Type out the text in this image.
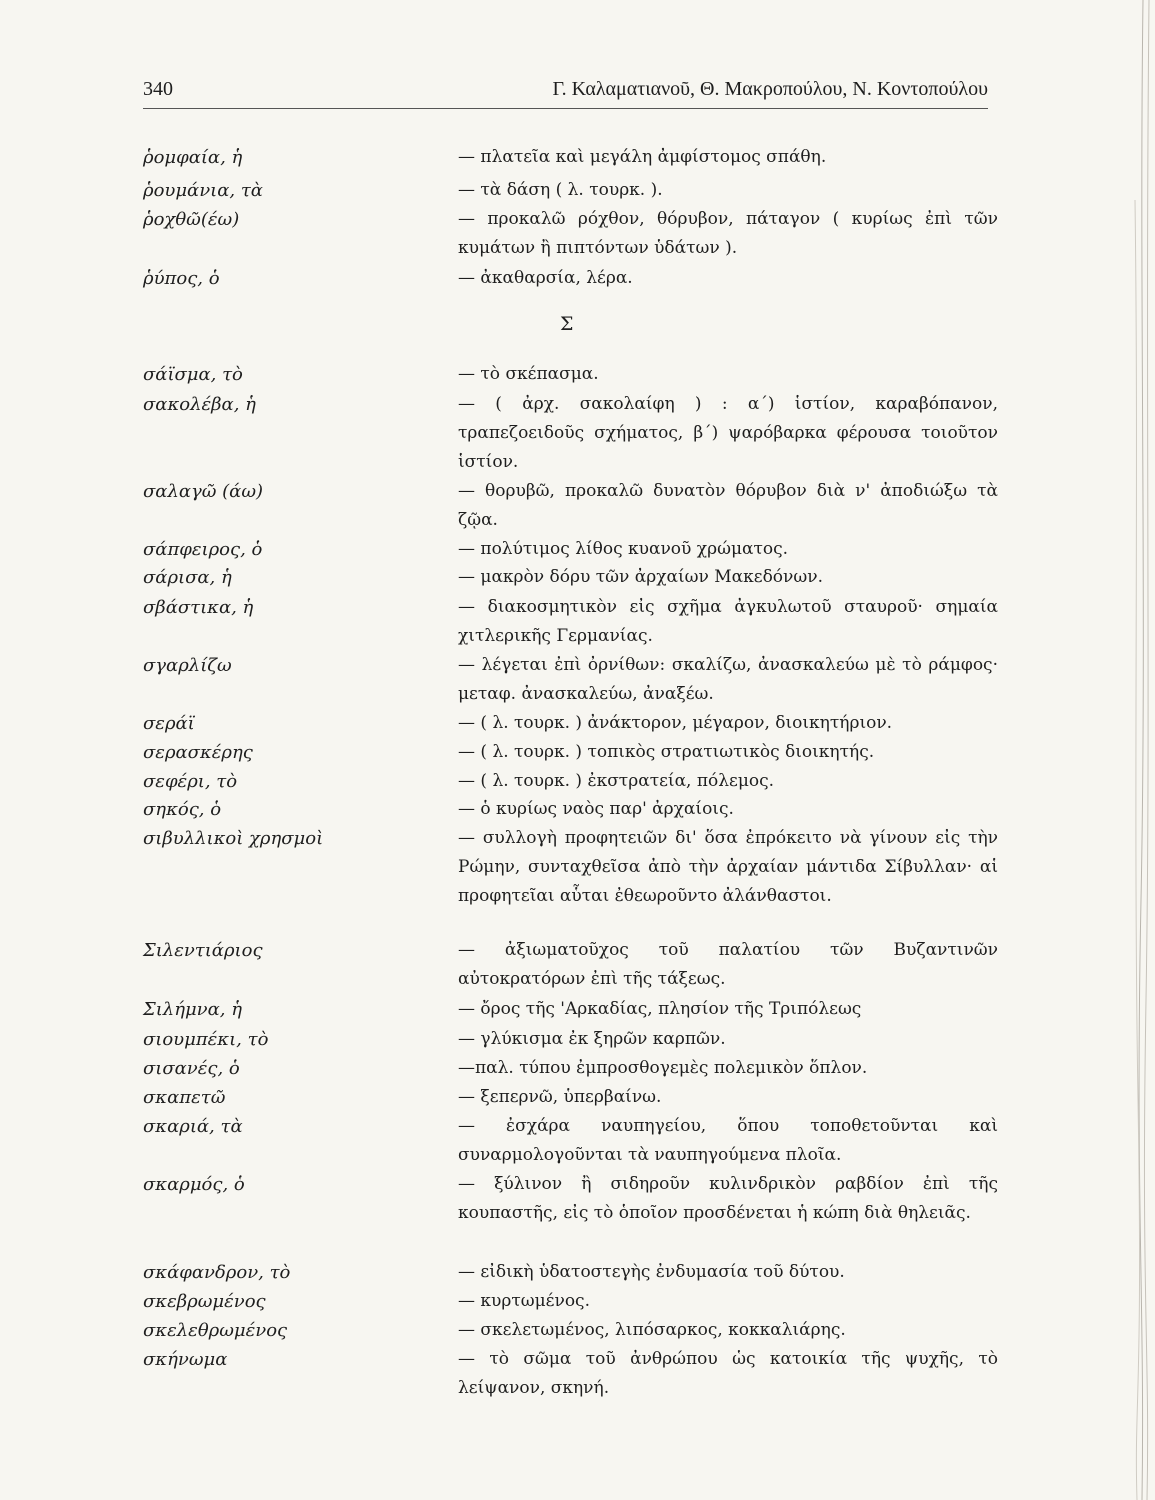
340	Γ. Καλαματιανοῦ, Θ. Μακροπούλου, Ν. Κοντοπούλου
ῥομφαία, ἡ	— πλατεῖα καὶ μεγάλη ἀμφίστομος σπάθη.
ῥουμάνια, τὰ	— τὰ δάση ( λ. τουρκ. ).
ῥοχθῶ(έω)	— προκαλῶ ρόχθον, θόρυβον, πάταγον ( κυρίως ἐπὶ τῶν κυμάτων ἢ πιπτόντων ὑδάτων ).
ῥύπος, ὁ	— ἀκαθαρσία, λέρα.
Σ
σάϊσμα, τὸ	— τὸ σκέπασμα.
σακολέβα, ἡ	— ( ἀρχ. σακολαίφη ) : α΄) ἱστίον, καραβόπανον, τραπεζοειδοῦς σχήματος, β΄) ψαρόβαρκα φέρουσα τοιοῦτον ἱστίον.
σαλαγῶ (άω)	— θορυβῶ, προκαλῶ δυνατὸν θόρυβον διὰ ν' ἀποδιώξω τὰ ζῷα.
σάπφειρος, ὁ	— πολύτιμος λίθος κυανοῦ χρώματος.
σάρισα, ἡ	— μακρὸν δόρυ τῶν ἀρχαίων Μακεδόνων.
σβάστικα, ἡ	— διακοσμητικὸν εἰς σχῆμα ἀγκυλωτοῦ σταυροῦ· σημαία χιτλερικῆς Γερμανίας.
σγαρλίζω	— λέγεται ἐπὶ ὀρνίθων: σκαλίζω, ἀνασκαλεύω μὲ τὸ ράμφος· μεταφ. ἀνασκαλεύω, ἀναξέω.
σεράϊ	— ( λ. τουρκ. ) ἀνάκτορον, μέγαρον, διοικητήριον.
σερασκέρης	— ( λ. τουρκ. ) τοπικὸς στρατιωτικὸς διοικητής.
σεφέρι, τὸ	— ( λ. τουρκ. ) ἐκστρατεία, πόλεμος.
σηκός, ὁ	— ὁ κυρίως ναὸς παρ' ἀρχαίοις.
σιβυλλικοὶ χρησμοὶ	— συλλογὴ προφητειῶν δι' ὅσα ἐπρόκειτο νὰ γίνουν εἰς τὴν Ρώμην, συνταχθεῖσα ἀπὸ τὴν ἀρχαίαν μάντιδα Σίβυλλαν· αἱ προφητεῖαι αὗται ἐθεωροῦντο ἀλάνθαστοι.
Σιλεντιάριος	— ἀξιωματοῦχος τοῦ παλατίου τῶν Βυζαντινῶν αὐτοκρατόρων ἐπὶ τῆς τάξεως.
Σιλήμνα, ἡ	— ὄρος τῆς 'Αρκαδίας, πλησίον τῆς Τριπόλεως
σιουμπέκι, τὸ	— γλύκισμα ἐκ ξηρῶν καρπῶν.
σισανές, ὁ	—παλ. τύπου ἐμπροσθογεμὲς πολεμικὸν ὅπλον.
σκαπετῶ	— ξεπερνῶ, ὑπερβαίνω.
σκαριά, τὰ	— ἐσχάρα ναυπηγείου, ὅπου τοποθετοῦνται καὶ συναρμολογοῦνται τὰ ναυπηγούμενα πλοῖα.
σκαρμός, ὁ	— ξύλινον ἢ σιδηροῦν κυλινδρικὸν ραβδίον ἐπὶ τῆς κουπαστῆς, εἰς τὸ ὁποῖον προσδένεται ἡ κώπη διὰ θηλειᾶς.
σκάφανδρον, τὸ	— εἰδικὴ ὑδατοστεγὴς ἐνδυμασία τοῦ δύτου.
σκεβρωμένος	— κυρτωμένος.
σκελεθρωμένος	— σκελετωμένος, λιπόσαρκος, κοκκαλιάρης.
σκήνωμα	— τὸ σῶμα τοῦ ἀνθρώπου ὡς κατοικία τῆς ψυχῆς, τὸ λείψανον, σκηνή.
